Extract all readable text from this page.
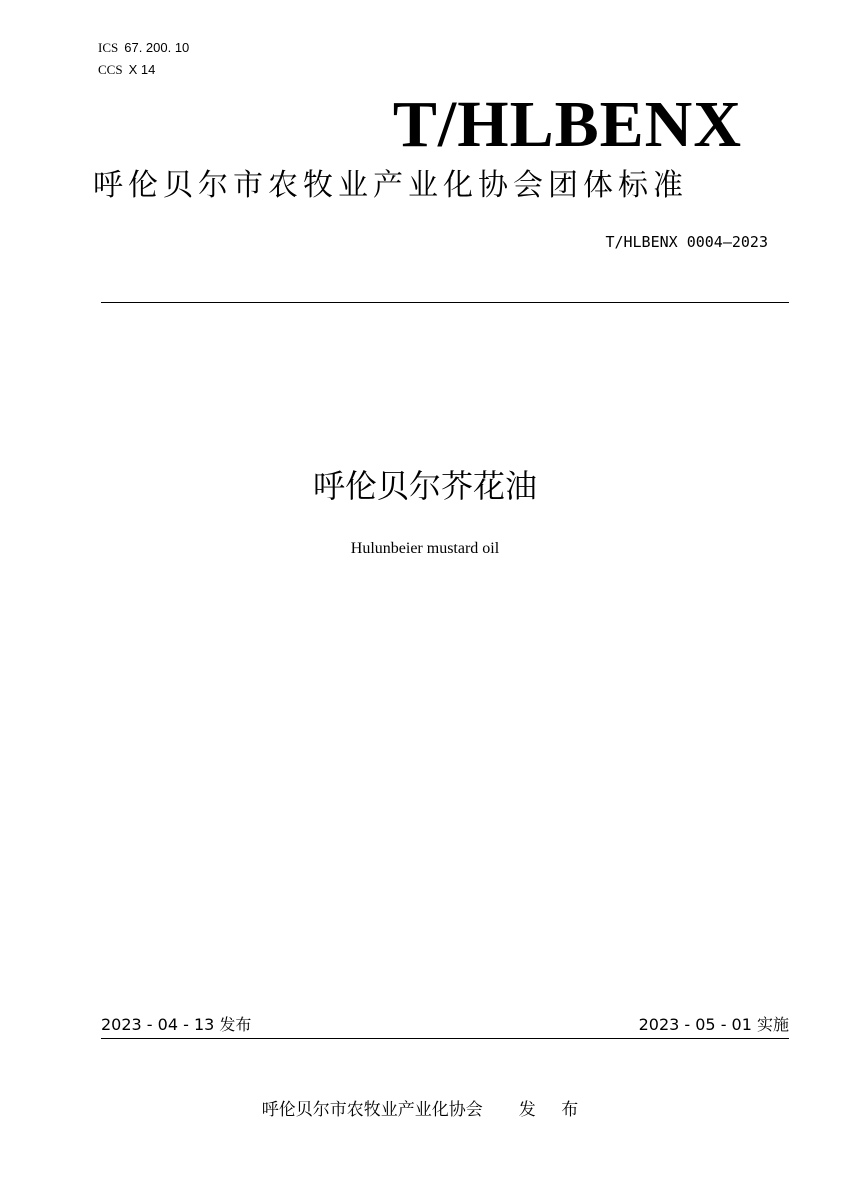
ICS 67. 200. 10
CCS X 14
T/HLBENX
呼伦贝尔市农牧业产业化协会团体标准
T/HLBENX 0004—2023
呼伦贝尔芥花油
Hulunbeier mustard oil
2023 - 04 - 13 发布	2023 - 05 - 01 实施
呼伦贝尔市农牧业产业化协会 发 布
